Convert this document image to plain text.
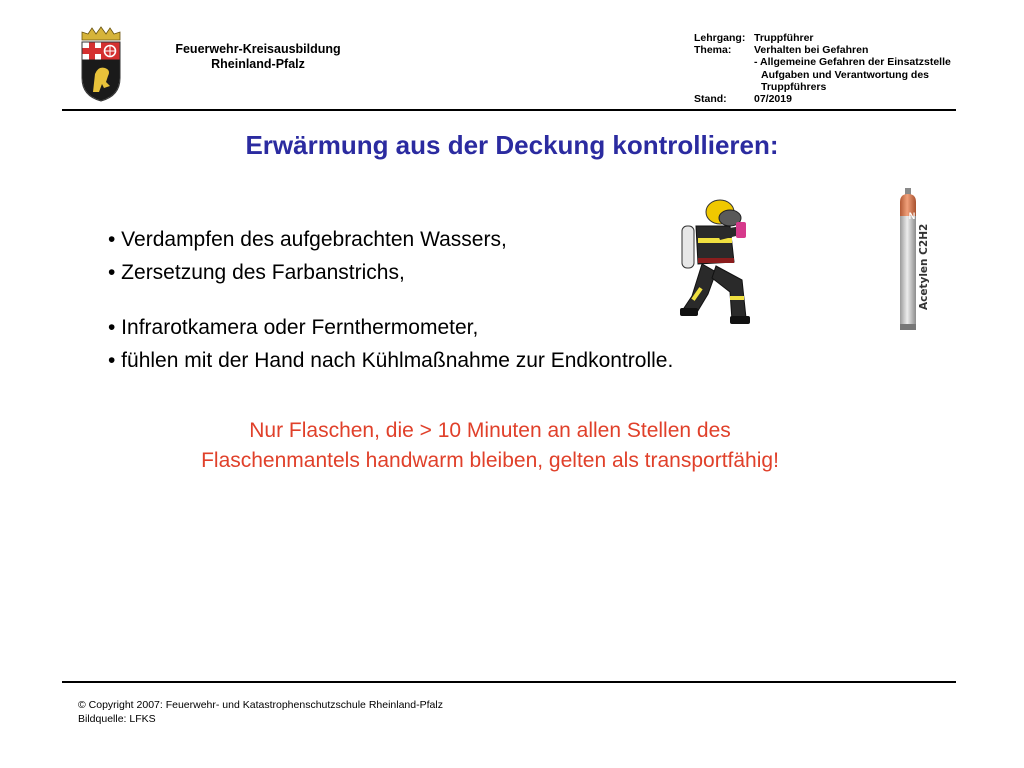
Feuerwehr-Kreisausbildung
Rheinland-Pfalz
Lehrgang: Truppführer
Thema:	Verhalten bei Gefahren
- Allgemeine Gefahren der Einsatzstelle
Aufgaben und Verantwortung des
Truppführers
Stand:	07/2019
Erwärmung aus der Deckung kontrollieren:
• Verdampfen des aufgebrachten Wassers,
• Zersetzung des Farbanstrichs,
• Infrarotkamera oder Fernthermometer,
• fühlen mit der Hand nach Kühlmaßnahme zur Endkontrolle.
Acetylen C2H2
N
Nur Flaschen, die > 10 Minuten an allen Stellen des
Flaschenmantels handwarm bleiben, gelten als transportfähig!
© Copyright 2007: Feuerwehr- und Katastrophenschutzschule Rheinland-Pfalz
Bildquelle: LFKS
